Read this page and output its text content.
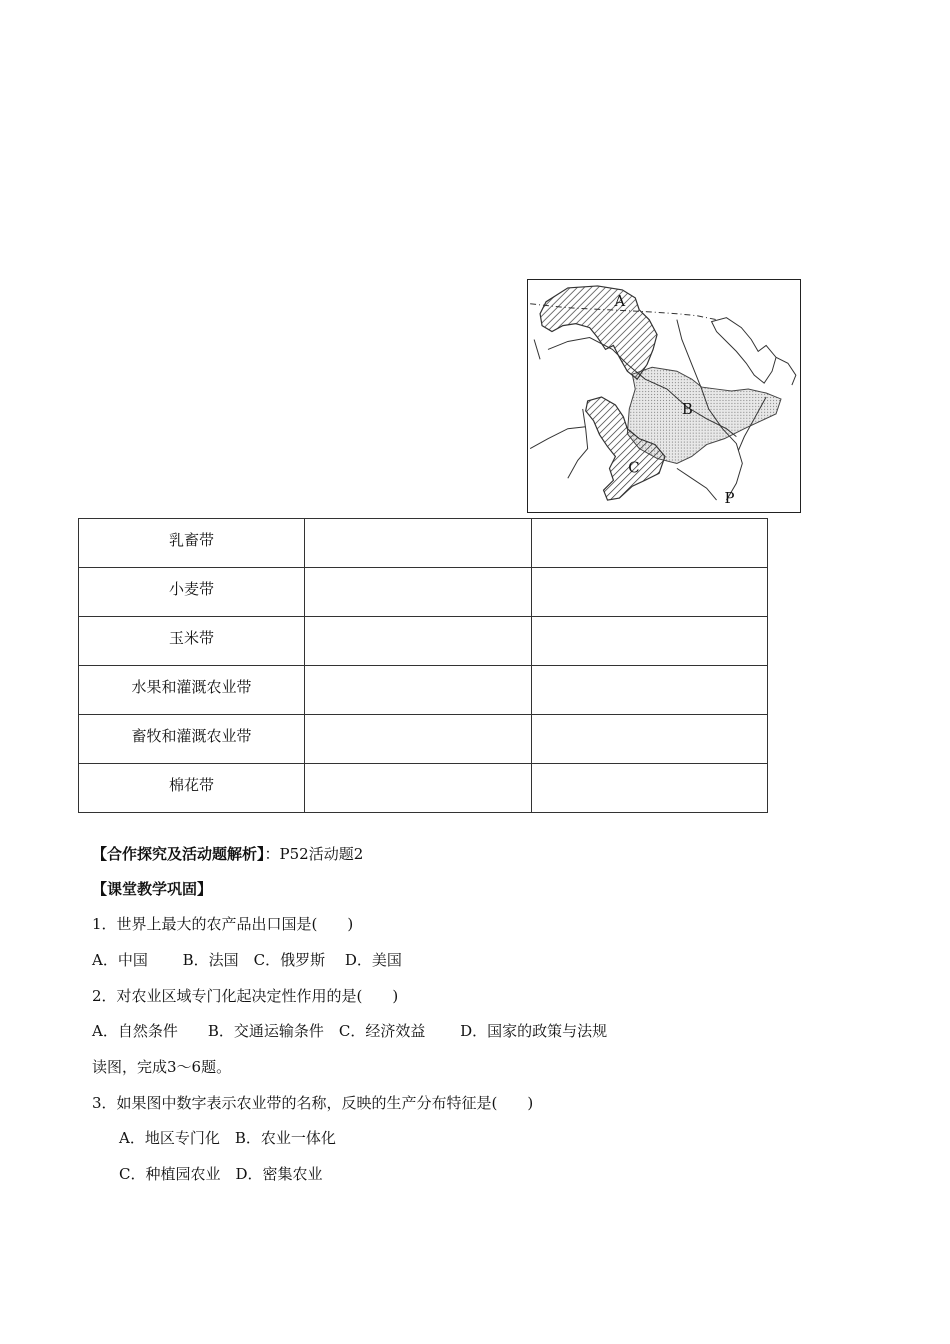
A
B
C
P
乳畜带		
小麦带		
玉米带		
水果和灌溉农业带		
畜牧和灌溉农业带		
棉花带		
【合作探究及活动题解析】：P52活动题2
【课堂教学巩固】
1．世界上最大的农产品出口国是(　　)
A．中国　　 B．法国　C．俄罗斯　 D．美国
2．对农业区域专门化起决定性作用的是(　　)
A．自然条件　　B．交通运输条件　C．经济效益　　 D．国家的政策与法规
读图，完成3～6题。
3．如果图中数字表示农业带的名称，反映的生产分布特征是(　　)
A．地区专门化　B．农业一体化
C．种植园农业　D．密集农业
